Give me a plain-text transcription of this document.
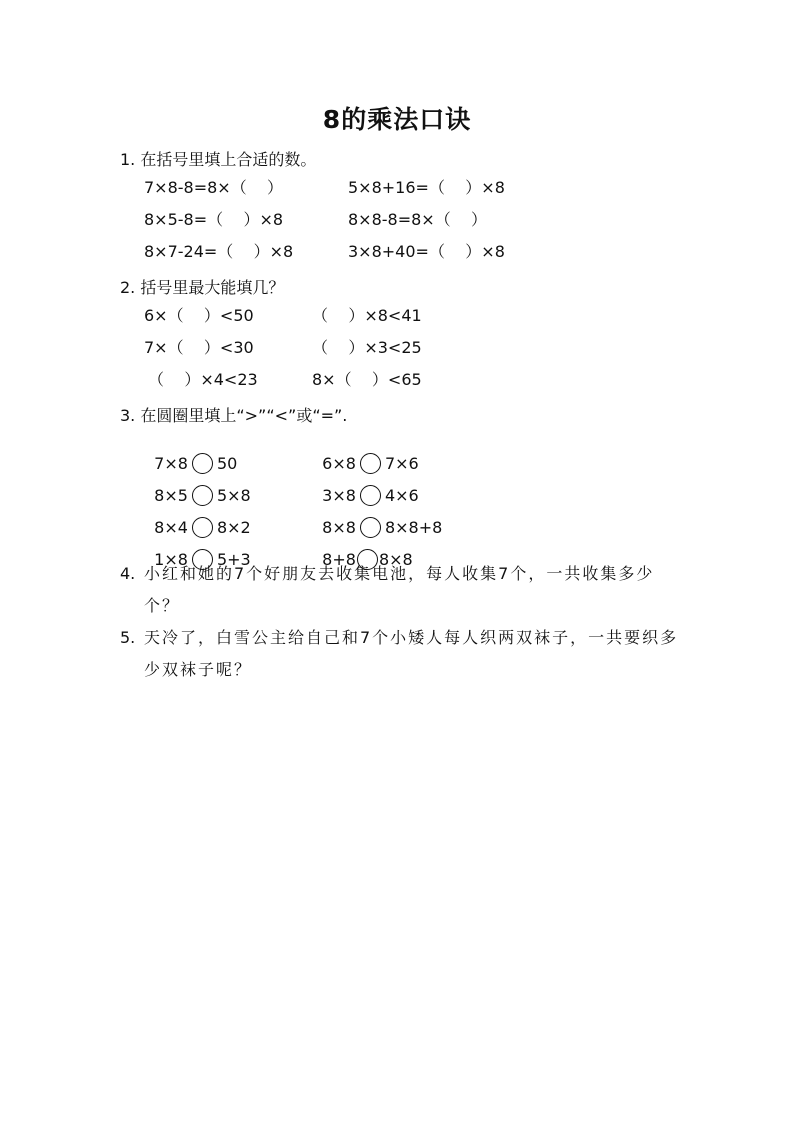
8的乘法口诀
1. 在括号里填上合适的数。
7×8-8=8×（    ）	5×8+16=（    ）×8
8×5-8=（    ）×8	8×8-8=8×（    ）
8×7-24=（    ）×8	3×8+40=（    ）×8
2. 括号里最大能填几？
6×（    ）<50	（    ）×8<41
7×（    ）<30	（    ）×3<25
（    ）×4<23	8×（    ）<65
3. 在圆圈里填上“>”“<”或“=”.

7×8 50	6×8 7×6

8×5 5×8	3×8 4×6

8×4 8×2	8×8 8×8+8

1×8 5+3	8+8 8×8

4. 小红和她的7个好朋友去收集电池，每人收集7个，一共收集多少个？
5. 天冷了，白雪公主给自己和7个小矮人每人织两双袜子，一共要织多少双袜子呢？
